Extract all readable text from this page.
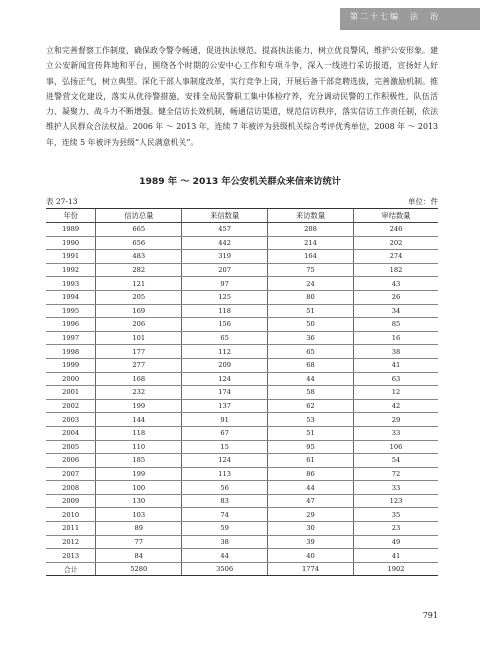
第二十七编　法　治

立和完善督察工作制度，确保政令警令畅通，促进执法规范、提高执法能力，树立优良警风，维护公安形象。建立公安新闻宣传阵地和平台，围绕各个时期的公安中心工作和专项斗争，深入一线进行采访报道，宣扬好人好事，弘扬正气，树立典型。深化干部人事制度改革，实行竞争上岗，开展后备干部竞聘选拔，完善激励机制。推进警营文化建设，落实从优待警措施，安排全局民警职工集中体检疗养，充分调动民警的工作积极性，队伍活力、凝聚力、战斗力不断增强。健全信访长效机制，畅通信访渠道，规范信访秩序，落实信访工作责任制，依法维护人民群众合法权益。2006 年 ～ 2013 年，连续 7 年被评为县级机关综合考评优秀单位，2008 年 ～ 2013 年，连续 5 年被评为县级“人民满意机关”。

1989 年 ～ 2013 年公安机关群众来信来访统计
表 27-13	单位：件
年份	信访总量	来信数量	来访数量	审结数量
1989	665	457	208	246
1990	656	442	214	202
1991	483	319	164	274
1992	282	207	75	182
1993	121	97	24	43
1994	205	125	80	26
1995	169	118	51	34
1996	206	156	50	85
1997	101	65	36	16
1998	177	112	65	38
1999	277	209	68	41
2000	168	124	44	63
2001	232	174	58	12
2002	199	137	62	42
2003	144	91	53	29
2004	118	67	51	33
2005	110	15	95	106
2006	185	124	61	54
2007	199	113	86	72
2008	100	56	44	33
2009	130	83	47	123
2010	103	74	29	35
2011	89	59	30	23
2012	77	38	39	49
2013	84	44	40	41
合计	5280	3506	1774	1902
791
